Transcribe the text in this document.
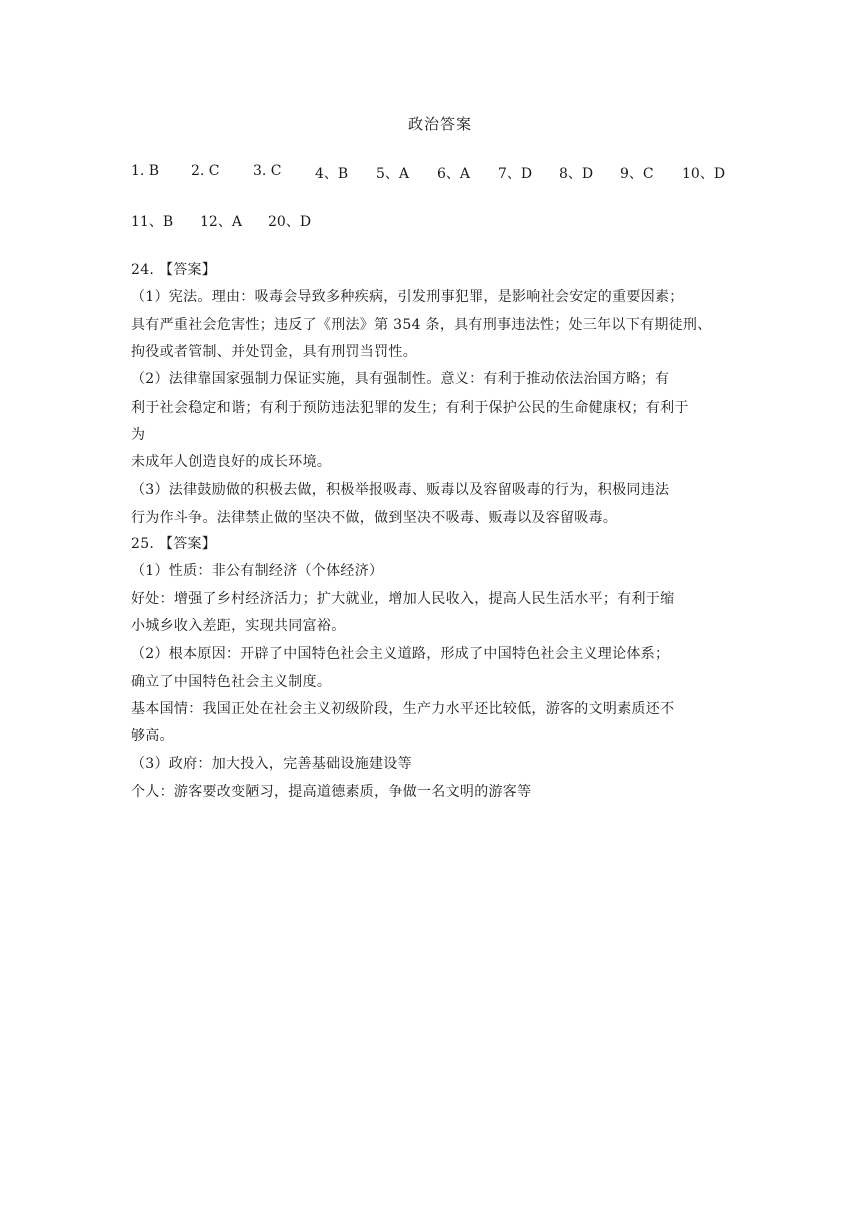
政治答案
1. B 2. C 3. C 4、B 5、A 6、A 7、D 8、D 9、C 10、D
11、B 12、A 20、D
24. 【答案】
（1）宪法。理由：吸毒会导致多种疾病，引发刑事犯罪，是影响社会安定的重要因素；
具有严重社会危害性；违反了《刑法》第 354 条，具有刑事违法性；处三年以下有期徒刑、
拘役或者管制、并处罚金，具有刑罚当罚性。
（2）法律靠国家强制力保证实施，具有强制性。意义：有利于推动依法治国方略；有
利于社会稳定和谐；有利于预防违法犯罪的发生；有利于保护公民的生命健康权；有利于
为
未成年人创造良好的成长环境。
（3）法律鼓励做的积极去做，积极举报吸毒、贩毒以及容留吸毒的行为，积极同违法
行为作斗争。法律禁止做的坚决不做，做到坚决不吸毒、贩毒以及容留吸毒。
25. 【答案】
（1）性质：非公有制经济（个体经济）
好处：增强了乡村经济活力；扩大就业，增加人民收入，提高人民生活水平；有利于缩
小城乡收入差距，实现共同富裕。
（2）根本原因：开辟了中国特色社会主义道路，形成了中国特色社会主义理论体系；
确立了中国特色社会主义制度。
基本国情：我国正处在社会主义初级阶段，生产力水平还比较低，游客的文明素质还不
够高。
（3）政府：加大投入，完善基础设施建设等
个人：游客要改变陋习，提高道德素质，争做一名文明的游客等
